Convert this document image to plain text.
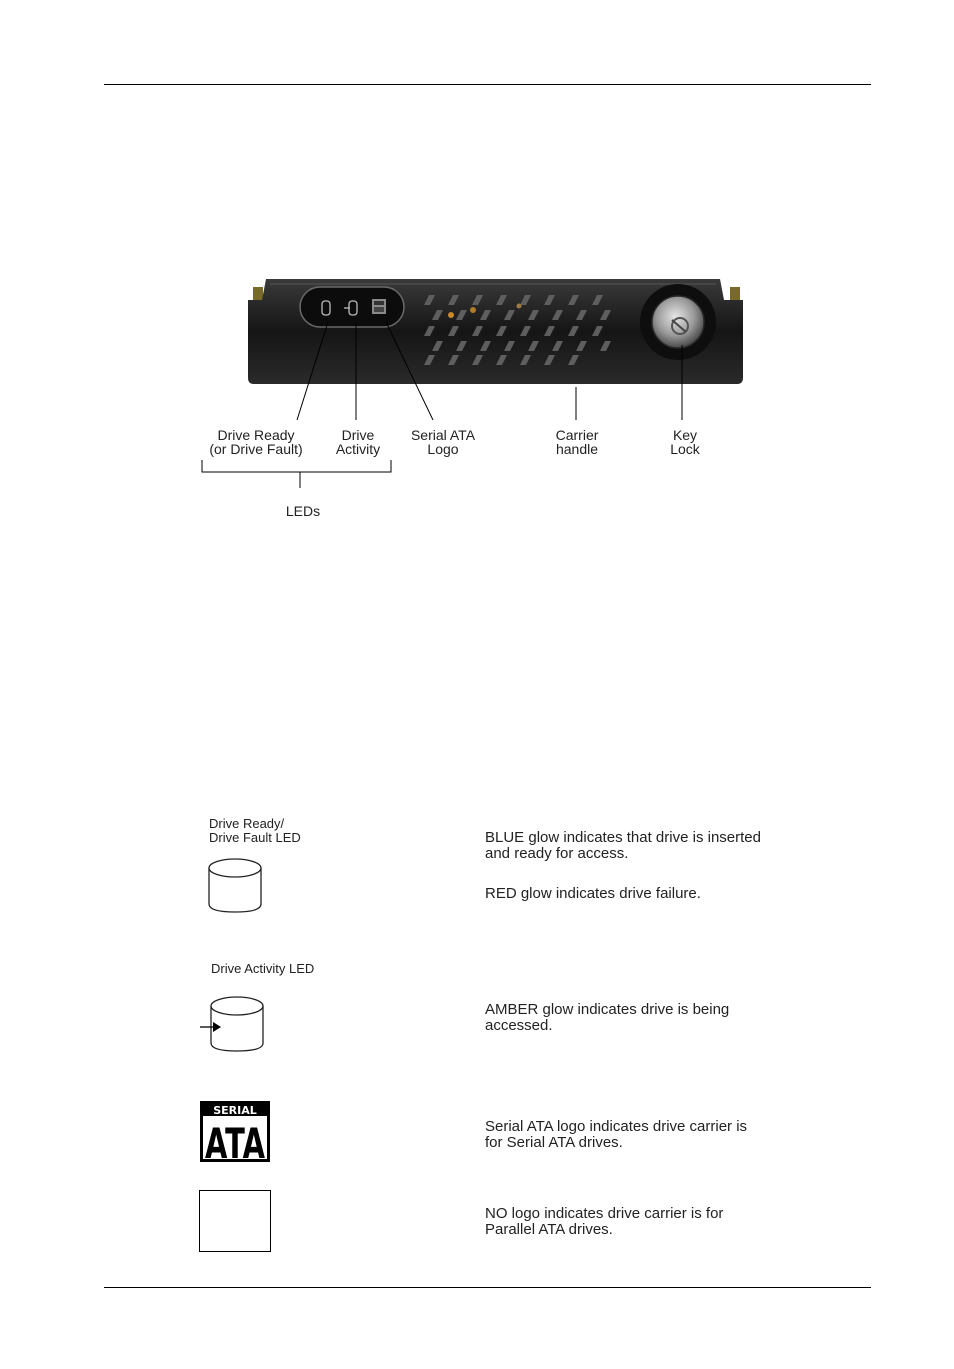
SERIAL
ATA
Drive Ready
(or Drive Fault)
Drive
Activity
Serial ATA
Logo
Carrier
handle
Key
Lock
LEDs
Drive Ready/
Drive Fault LED	BLUE glow indicates that drive is inserted
and ready for access.
RED glow indicates drive failure.
Drive Activity LED
AMBER glow indicates drive is being
accessed.
Serial ATA logo indicates drive carrier is
for Serial ATA drives.
NO logo indicates drive carrier is for
Parallel ATA drives.
